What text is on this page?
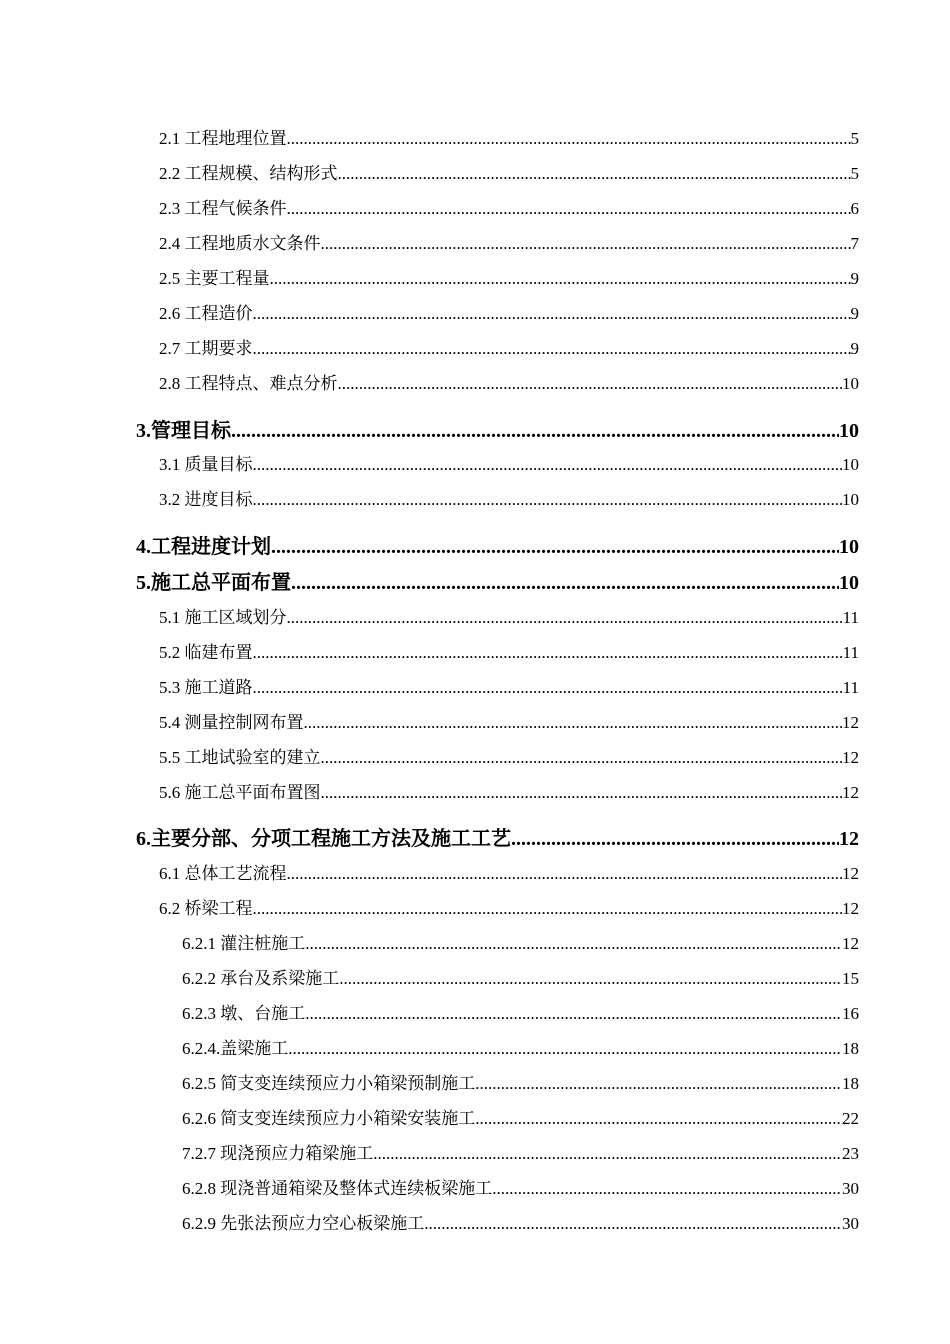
2.1 工程地理位置 .....	5
2.2 工程规模、结构形式 .....	5
2.3 工程气候条件 .....	6
2.4 工程地质水文条件 .....	7
2.5 主要工程量 .....	9
2.6 工程造价 .....	9
2.7 工期要求 .....	9
2.8 工程特点、难点分析 .....	10
3.管理目标 .....	10
3.1 质量目标 .....	10
3.2 进度目标 .....	10
4.工程进度计划 .....	10
5.施工总平面布置 .....	10
5.1 施工区域划分 .....	11
5.2 临建布置 .....	11
5.3 施工道路 .....	11
5.4 测量控制网布置 .....	12
5.5 工地试验室的建立 .....	12
5.6 施工总平面布置图 .....	12
6.主要分部、分项工程施工方法及施工工艺 .....	12
6.1 总体工艺流程 .....	12
6.2 桥梁工程 .....	12
6.2.1 灌注桩施工 .....	12
6.2.2 承台及系梁施工 .....	15
6.2.3 墩、台施工 .....	16
6.2.4.盖梁施工 .....	18
6.2.5 简支变连续预应力小箱梁预制施工 .....	18
6.2.6 简支变连续预应力小箱梁安装施工 .....	22
7.2.7 现浇预应力箱梁施工 .....	23
6.2.8 现浇普通箱梁及整体式连续板梁施工 .....	30
6.2.9 先张法预应力空心板梁施工 .....	30
